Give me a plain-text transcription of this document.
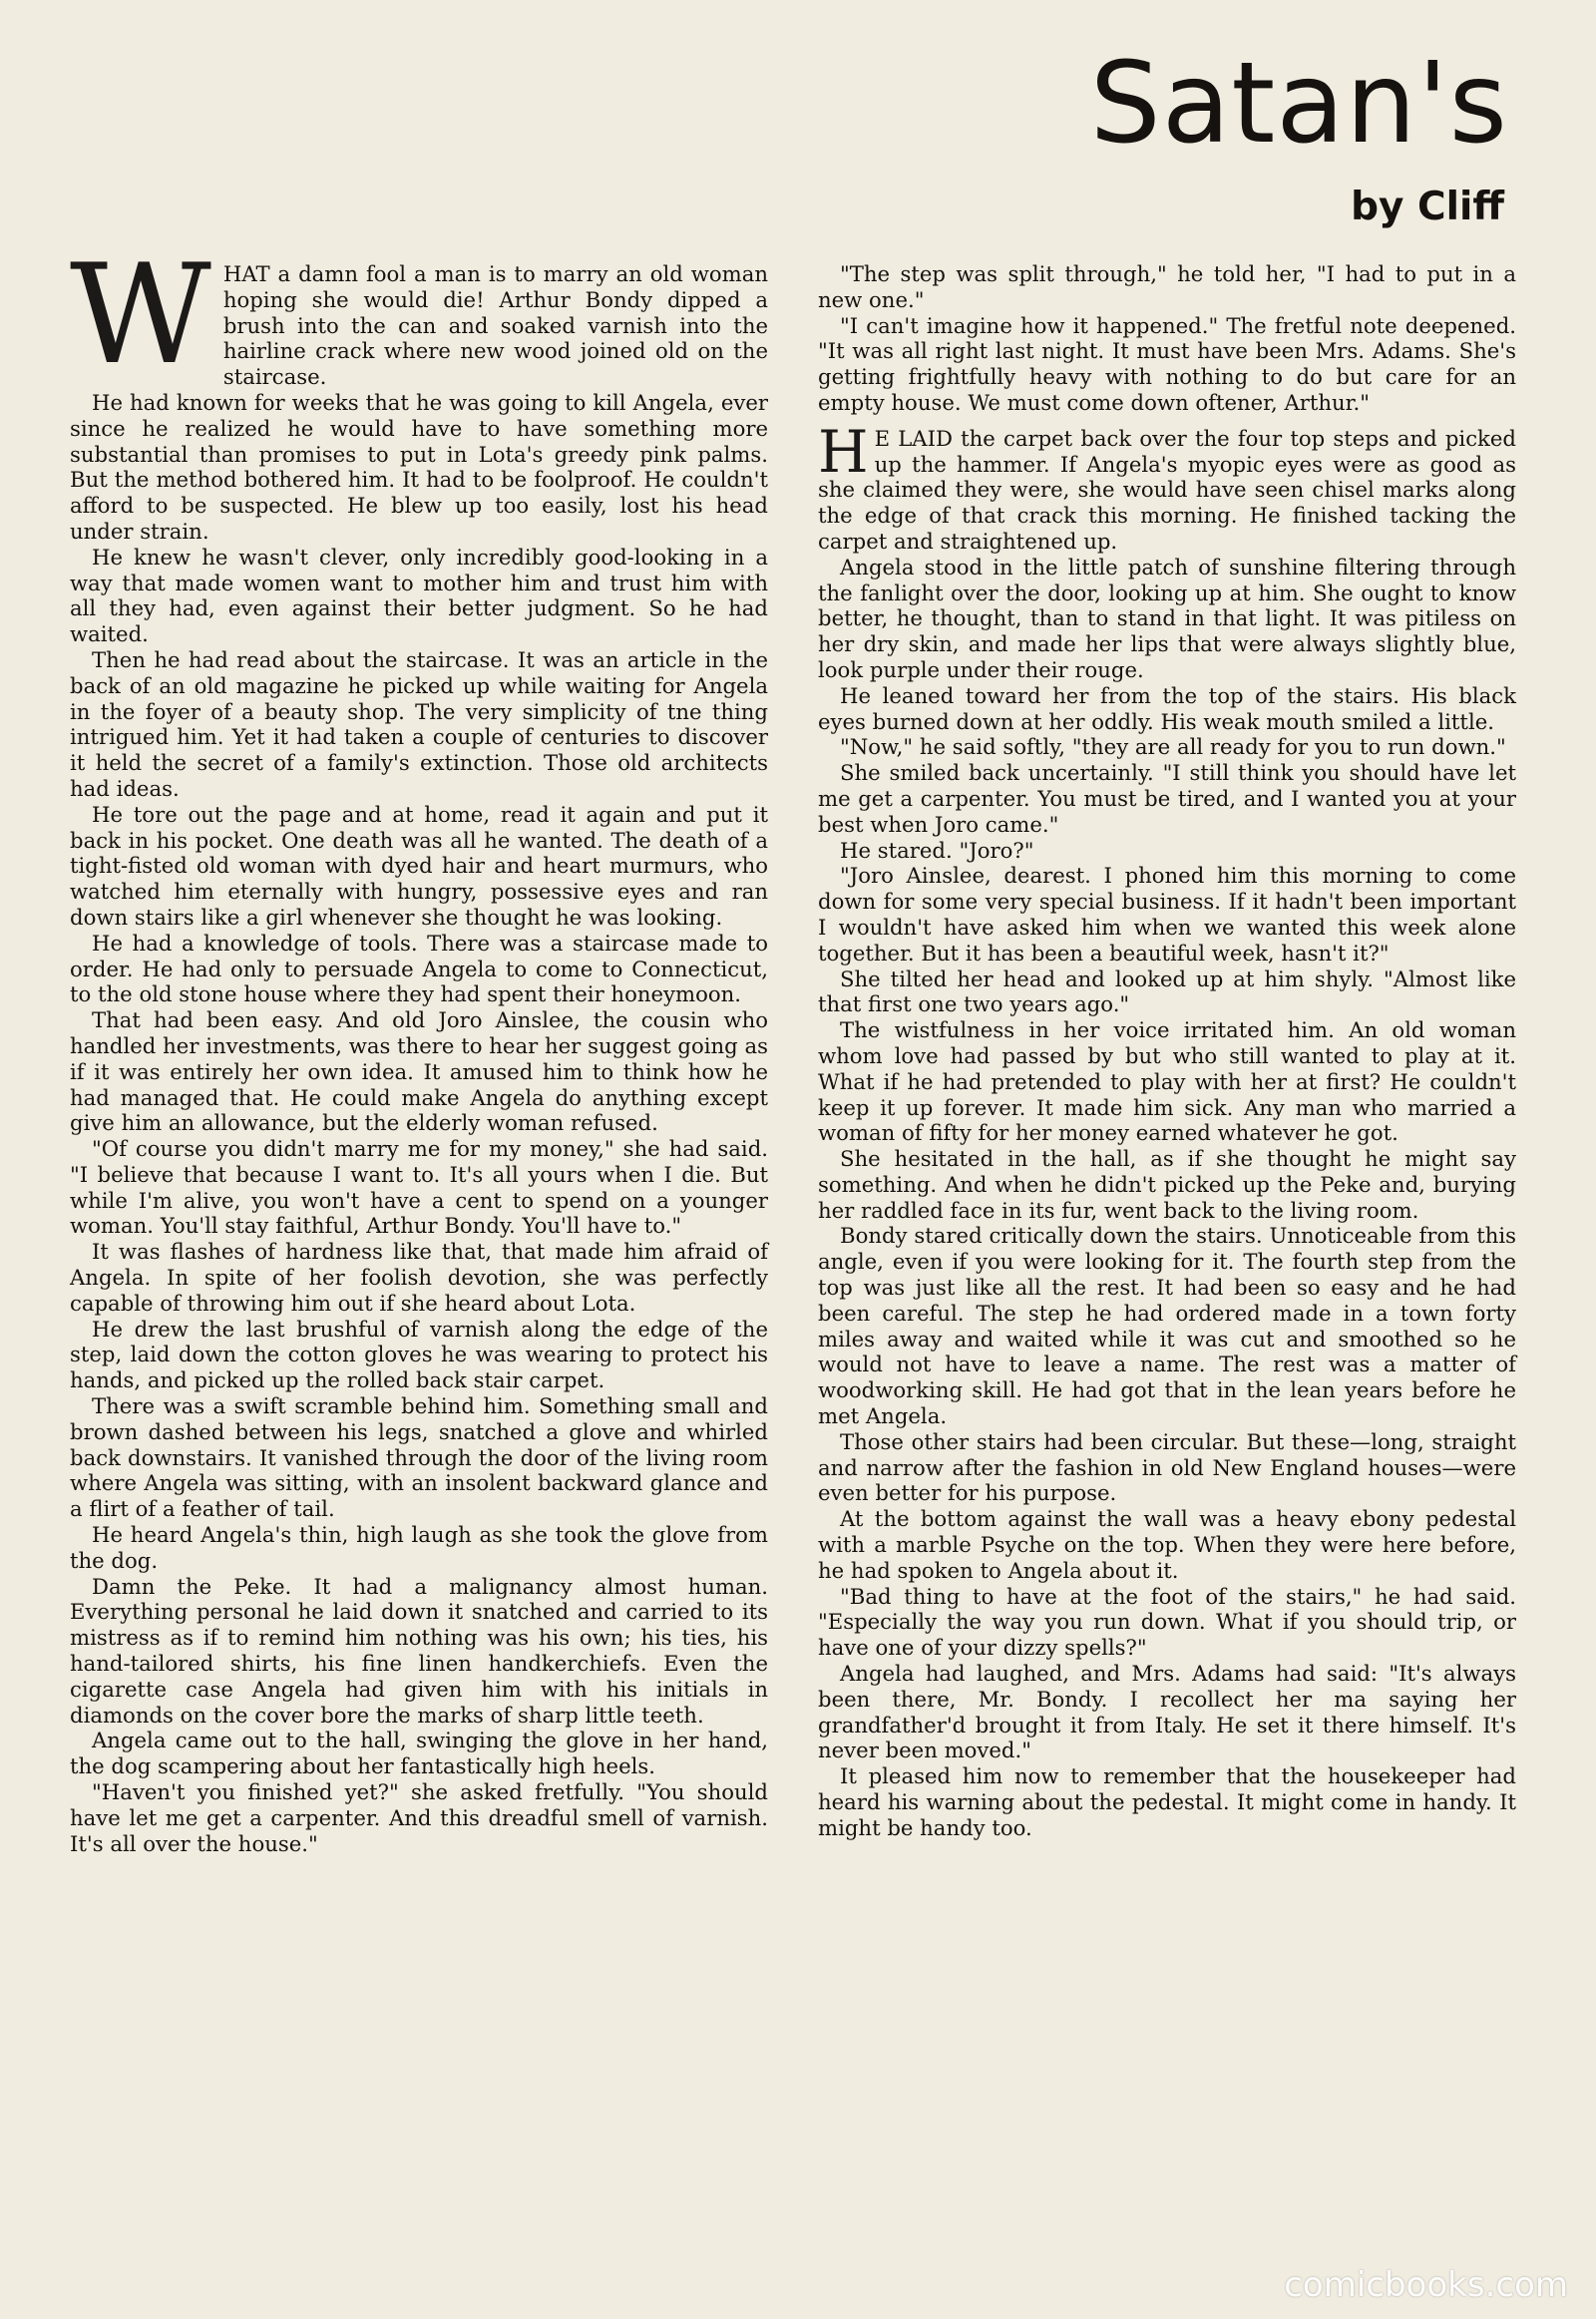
Satan's
by Cliff
W HAT a damn fool a man is to marry an old woman hoping she would die! Arthur Bondy dipped a brush into the can and soaked varnish into the hairline crack where new wood joined old on the staircase.

He had known for weeks that he was going to kill Angela, ever since he realized he would have to have something more substantial than promises to put in Lota's greedy pink palms. But the method bothered him. It had to be foolproof. He couldn't afford to be suspected. He blew up too easily, lost his head under strain.

He knew he wasn't clever, only incredibly good-looking in a way that made women want to mother him and trust him with all they had, even against their better judgment. So he had waited.

Then he had read about the staircase. It was an article in the back of an old magazine he picked up while waiting for Angela in the foyer of a beauty shop. The very simplicity of tne thing intrigued him. Yet it had taken a couple of centuries to discover it held the secret of a family's extinction. Those old architects had ideas.

He tore out the page and at home, read it again and put it back in his pocket. One death was all he wanted. The death of a tight-fisted old woman with dyed hair and heart murmurs, who watched him eternally with hungry, possessive eyes and ran down stairs like a girl whenever she thought he was looking.

He had a knowledge of tools. There was a staircase made to order. He had only to persuade Angela to come to Connecticut, to the old stone house where they had spent their honeymoon.

That had been easy. And old Joro Ainslee, the cousin who handled her investments, was there to hear her suggest going as if it was entirely her own idea. It amused him to think how he had managed that. He could make Angela do anything except give him an allowance, but the elderly woman refused.

"Of course you didn't marry me for my money," she had said. "I believe that because I want to. It's all yours when I die. But while I'm alive, you won't have a cent to spend on a younger woman. You'll stay faithful, Arthur Bondy. You'll have to."

It was flashes of hardness like that, that made him afraid of Angela. In spite of her foolish devotion, she was perfectly capable of throwing him out if she heard about Lota.

He drew the last brushful of varnish along the edge of the step, laid down the cotton gloves he was wearing to protect his hands, and picked up the rolled back stair carpet.

There was a swift scramble behind him. Something small and brown dashed between his legs, snatched a glove and whirled back downstairs. It vanished through the door of the living room where Angela was sitting, with an insolent backward glance and a flirt of a feather of tail.

He heard Angela's thin, high laugh as she took the glove from the dog.

Damn the Peke. It had a malignancy almost human. Everything personal he laid down it snatched and carried to its mistress as if to remind him nothing was his own; his ties, his hand-tailored shirts, his fine linen handkerchiefs. Even the cigarette case Angela had given him with his initials in diamonds on the cover bore the marks of sharp little teeth.

Angela came out to the hall, swinging the glove in her hand, the dog scampering about her fantastically high heels.

"Haven't you finished yet?" she asked fretfully. "You should have let me get a carpenter. And this dreadful smell of varnish. It's all over the house."

"The step was split through," he told her, "I had to put in a new one."

"I can't imagine how it happened." The fretful note deepened. "It was all right last night. It must have been Mrs. Adams. She's getting frightfully heavy with nothing to do but care for an empty house. We must come down oftener, Arthur."

H E LAID the carpet back over the four top steps and picked up the hammer. If Angela's myopic eyes were as good as she claimed they were, she would have seen chisel marks along the edge of that crack this morning. He finished tacking the carpet and straightened up.

Angela stood in the little patch of sunshine filtering through the fanlight over the door, looking up at him. She ought to know better, he thought, than to stand in that light. It was pitiless on her dry skin, and made her lips that were always slightly blue, look purple under their rouge.

He leaned toward her from the top of the stairs. His black eyes burned down at her oddly. His weak mouth smiled a little.

"Now," he said softly, "they are all ready for you to run down."

She smiled back uncertainly. "I still think you should have let me get a carpenter. You must be tired, and I wanted you at your best when Joro came."

He stared. "Joro?"

"Joro Ainslee, dearest. I phoned him this morning to come down for some very special business. If it hadn't been important I wouldn't have asked him when we wanted this week alone together. But it has been a beautiful week, hasn't it?"

She tilted her head and looked up at him shyly. "Almost like that first one two years ago."

The wistfulness in her voice irritated him. An old woman whom love had passed by but who still wanted to play at it. What if he had pretended to play with her at first? He couldn't keep it up forever. It made him sick. Any man who married a woman of fifty for her money earned whatever he got.

She hesitated in the hall, as if she thought he might say something. And when he didn't picked up the Peke and, burying her raddled face in its fur, went back to the living room.

Bondy stared critically down the stairs. Unnoticeable from this angle, even if you were looking for it. The fourth step from the top was just like all the rest. It had been so easy and he had been careful. The step he had ordered made in a town forty miles away and waited while it was cut and smoothed so he would not have to leave a name. The rest was a matter of woodworking skill. He had got that in the lean years before he met Angela.

Those other stairs had been circular. But these—long, straight and narrow after the fashion in old New England houses—were even better for his purpose.

At the bottom against the wall was a heavy ebony pedestal with a marble Psyche on the top. When they were here before, he had spoken to Angela about it.

"Bad thing to have at the foot of the stairs," he had said. "Especially the way you run down. What if you should trip, or have one of your dizzy spells?"

Angela had laughed, and Mrs. Adams had said: "It's always been there, Mr. Bondy. I recollect her ma saying her grandfather'd brought it from Italy. He set it there himself. It's never been moved."

It pleased him now to remember that the housekeeper had heard his warning about the pedestal. It might come in handy. It might be handy too.

comicbooks.com
